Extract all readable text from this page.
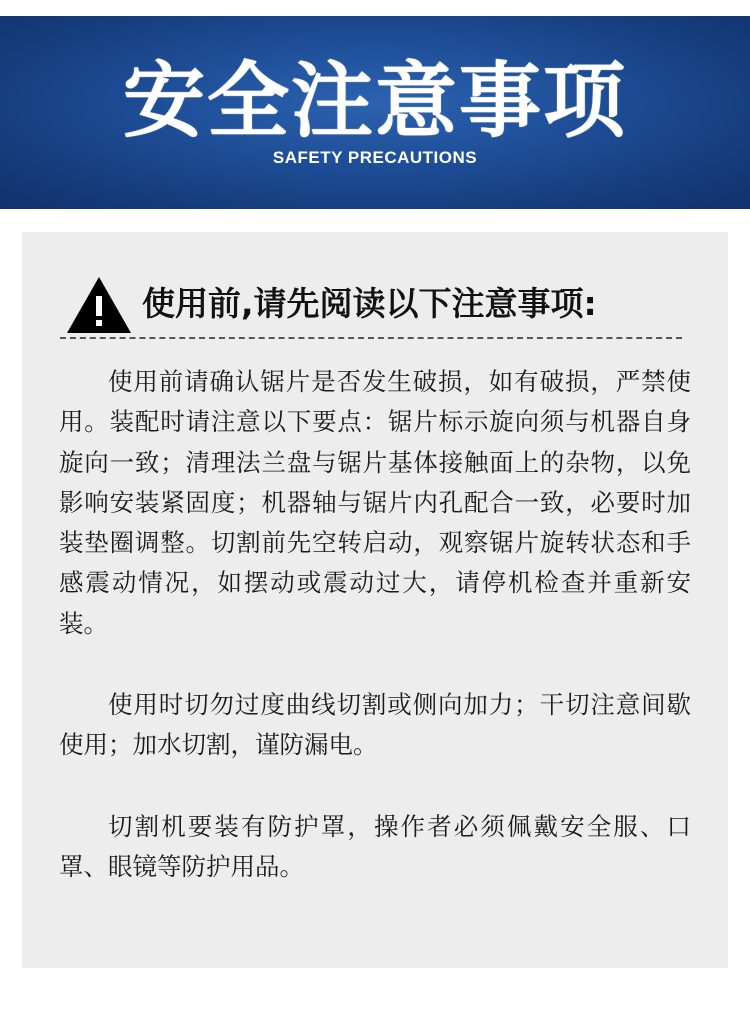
安全注意事项
SAFETY PRECAUTIONS
使用前,请先阅读以下注意事项:

使用前请确认锯片是否发生破损，如有破损，严禁使用。装配时请注意以下要点：锯片标示旋向须与机器自身旋向一致；清理法兰盘与锯片基体接触面上的杂物，以免影响安装紧固度；机器轴与锯片内孔配合一致，必要时加装垫圈调整。切割前先空转启动，观察锯片旋转状态和手感震动情况，如摆动或震动过大，请停机检查并重新安装。

使用时切勿过度曲线切割或侧向加力；干切注意间歇使用；加水切割，谨防漏电。

切割机要装有防护罩，操作者必须佩戴安全服、口罩、眼镜等防护用品。
